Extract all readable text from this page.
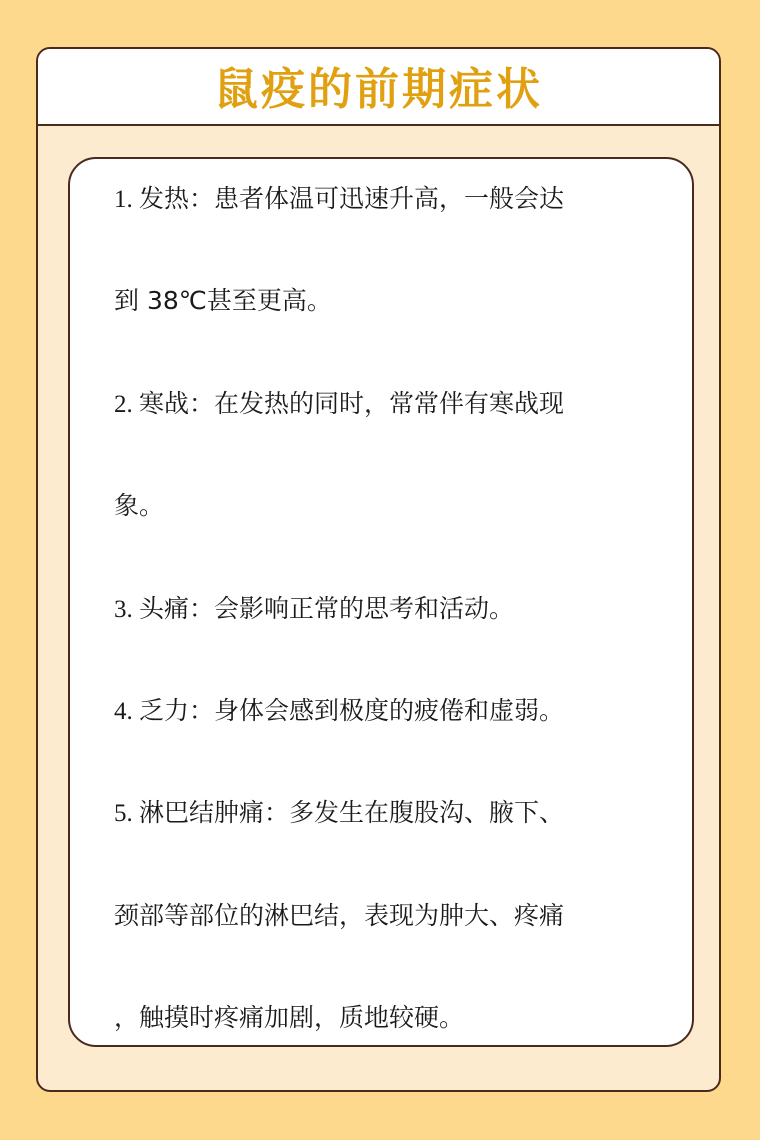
鼠疫的前期症状
1. 发热：患者体温可迅速升高，一般会达
到 38℃甚至更高。
2. 寒战：在发热的同时，常常伴有寒战现
象。
3. 头痛：会影响正常的思考和活动。
4. 乏力：身体会感到极度的疲倦和虚弱。
5. 淋巴结肿痛：多发生在腹股沟、腋下、
颈部等部位的淋巴结，表现为肿大、疼痛
，触摸时疼痛加剧，质地较硬。
